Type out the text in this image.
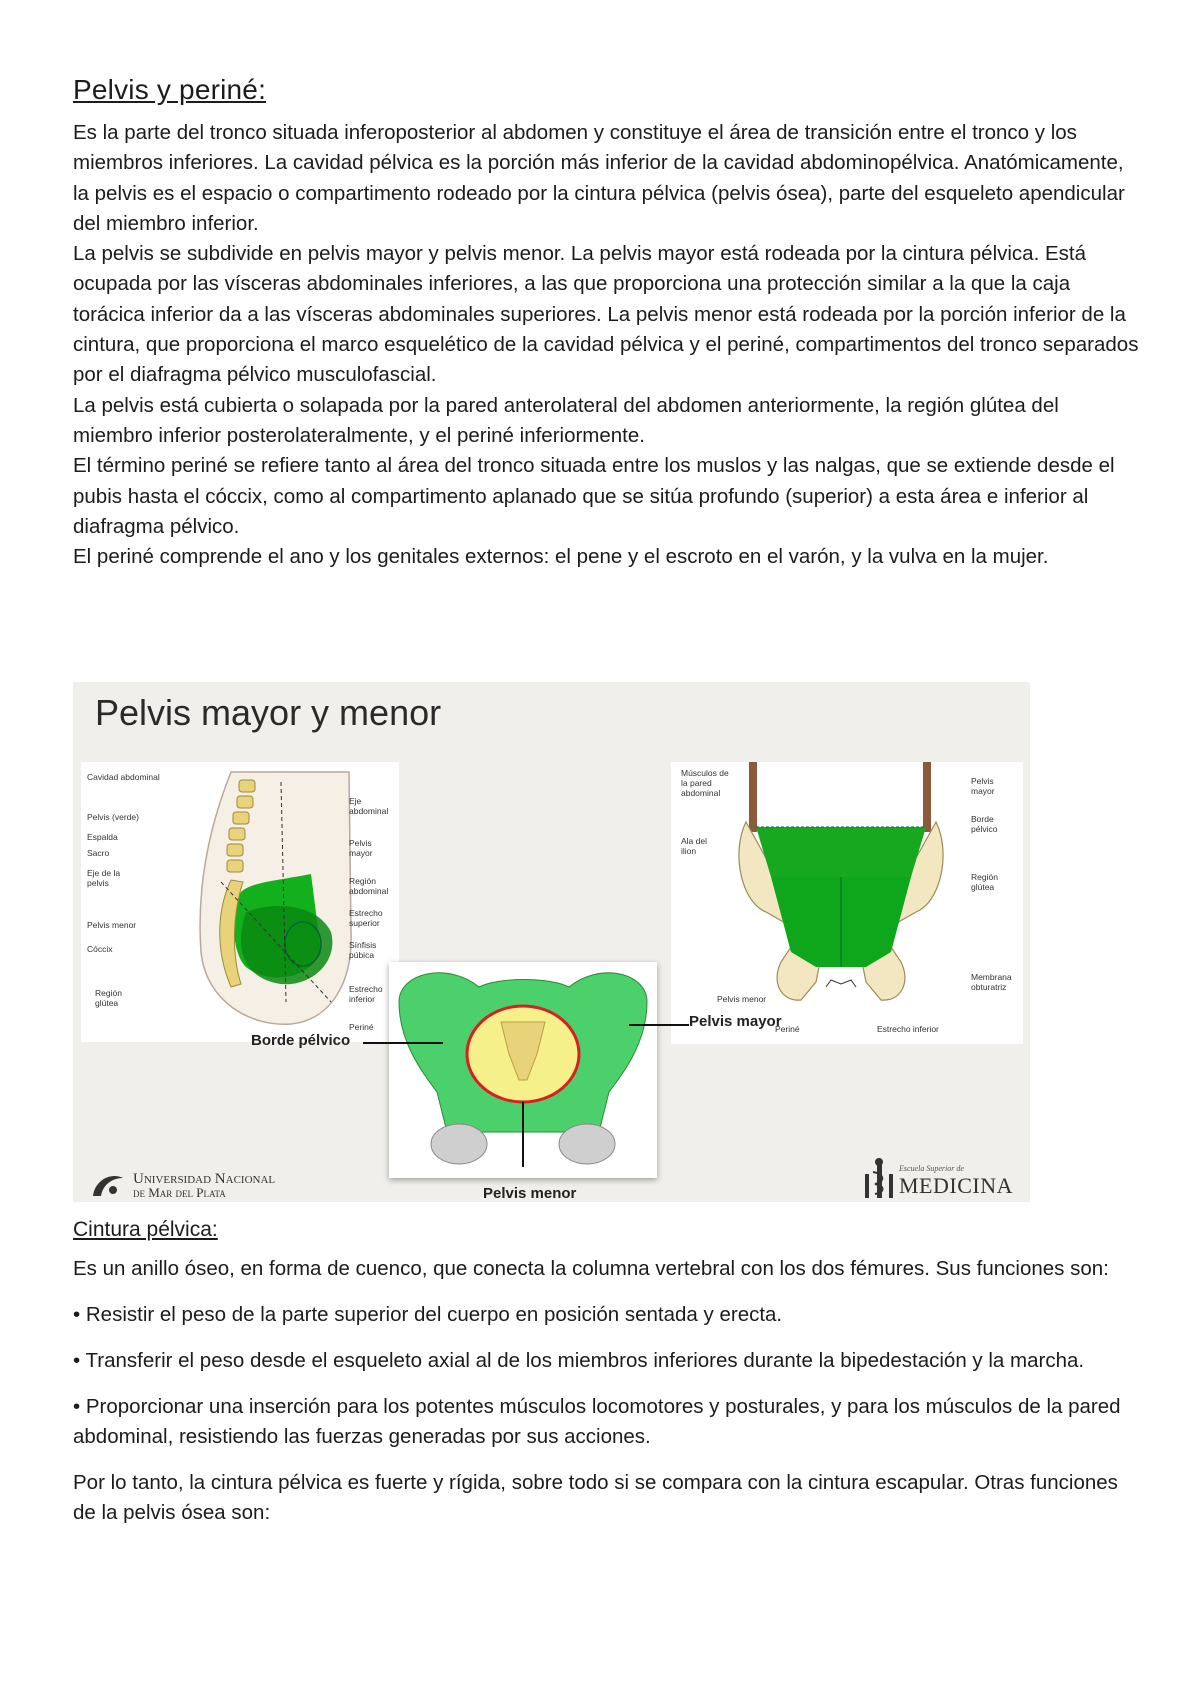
Pelvis y periné:

Es la parte del tronco situada inferoposterior al abdomen y constituye el área de transición entre el tronco y los miembros inferiores. La cavidad pélvica es la porción más inferior de la cavidad abdominopélvica. Anatómicamente, la pelvis es el espacio o compartimento rodeado por la cintura pélvica (pelvis ósea), parte del esqueleto apendicular del miembro inferior.

La pelvis se subdivide en pelvis mayor y pelvis menor. La pelvis mayor está rodeada por la cintura pélvica. Está ocupada por las vísceras abdominales inferiores, a las que proporciona una protección similar a la que la caja torácica inferior da a las vísceras abdominales superiores. La pelvis menor está rodeada por la porción inferior de la cintura, que proporciona el marco esquelético de la cavidad pélvica y el periné, compartimentos del tronco separados por el diafragma pélvico musculofascial.

La pelvis está cubierta o solapada por la pared anterolateral del abdomen anteriormente, la región glútea del miembro inferior posterolateralmente, y el periné inferiormente.

El término periné se refiere tanto al área del tronco situada entre los muslos y las nalgas, que se extiende desde el pubis hasta el cóccix, como al compartimento aplanado que se sitúa profundo (superior) a esta área e inferior al diafragma pélvico.

El periné comprende el ano y los genitales externos: el pene y el escroto en el varón, y la vulva en la mujer.

Pelvis mayor y menor
Cavidad abdominal
Pelvis (verde)
Espalda
Sacro
Eje de la pelvis
Pelvis menor
Cóccix
Región glútea
Eje abdominal
Pelvis mayor
Región abdominal
Estrecho superior
Sínfisis púbica
Estrecho inferior
Periné
Músculos de la pared abdominal
Ala del ilion
Pelvis mayor
Borde pélvico
Región glútea
Membrana obturatriz
Pelvis menor
Periné	Estrecho inferior
Borde pélvico
Pelvis mayor
Pelvis menor
Universidad Nacional
de Mar del Plata
Escuela Superior de
MEDICINA
Cintura pélvica:

Es un anillo óseo, en forma de cuenco, que conecta la columna vertebral con los dos fémures. Sus funciones son:

• Resistir el peso de la parte superior del cuerpo en posición sentada y erecta.

• Transferir el peso desde el esqueleto axial al de los miembros inferiores durante la bipedestación y la marcha.

• Proporcionar una inserción para los potentes músculos locomotores y posturales, y para los músculos de la pared abdominal, resistiendo las fuerzas generadas por sus acciones.

Por lo tanto, la cintura pélvica es fuerte y rígida, sobre todo si se compara con la cintura escapular. Otras funciones de la pelvis ósea son:
